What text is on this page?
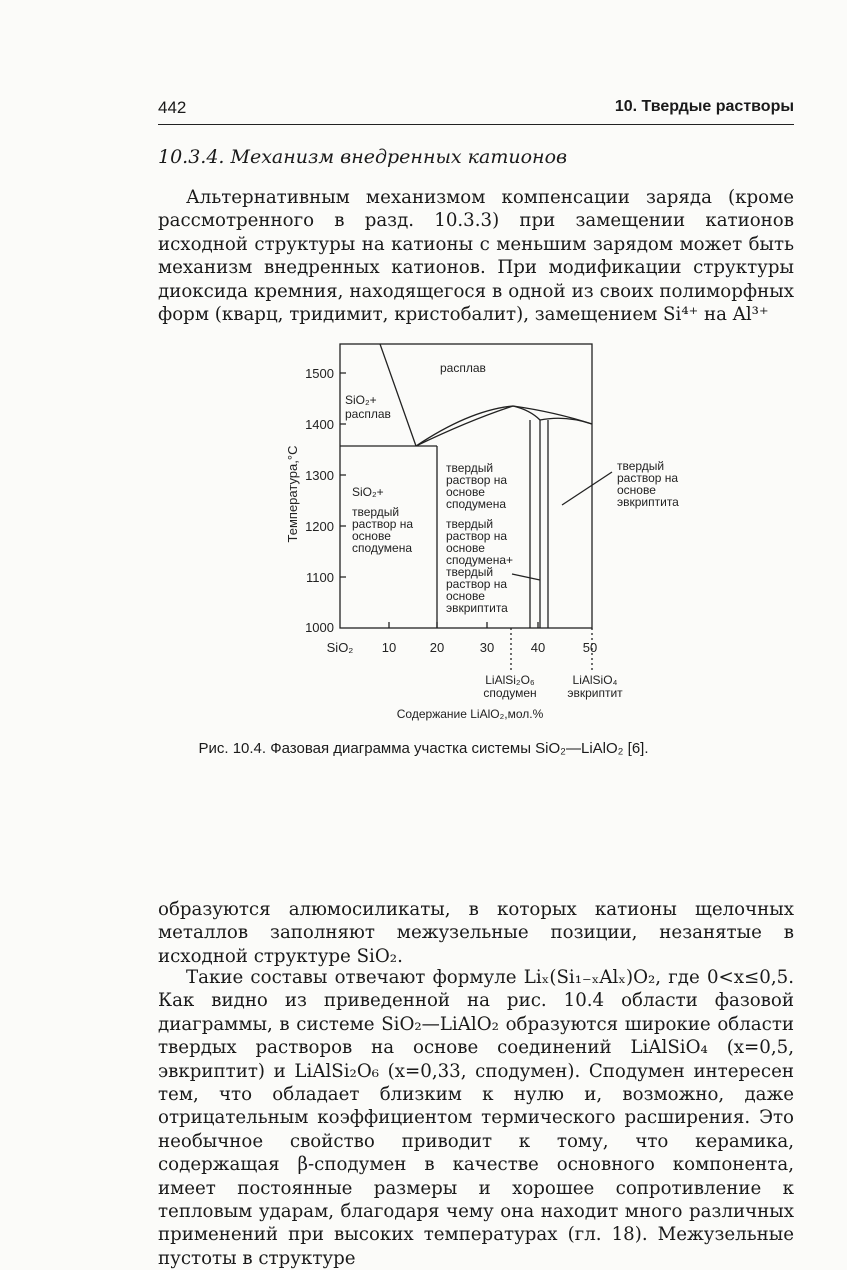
442	10. Твердые растворы
10.3.4. Механизм внедренных катионов

Альтернативным механизмом компенсации заряда (кроме рассмотренного в разд. 10.3.3) при замещении катионов исходной структуры на катионы с меньшим зарядом может быть механизм внедренных катионов. При модификации структуры диоксида кремния, находящегося в одной из своих полиморфных форм (кварц, тридимит, кристобалит), замещением Si⁴⁺ на Al³⁺

образуются алюмосиликаты, в которых катионы щелочных металлов заполняют межузельные позиции, незанятые в исходной структуре SiO₂.

Такие составы отвечают формуле Liₓ(Si₁₋ₓAlₓ)O₂, где 0<x≤0,5. Как видно из приведенной на рис. 10.4 области фазовой диаграммы, в системе SiO₂—LiAlO₂ образуются широкие области твердых растворов на основе соединений LiAlSiO₄ (x=0,5, эвкриптит) и LiAlSi₂O₆ (x=0,33, сподумен). Сподумен интересен тем, что обладает близким к нулю и, возможно, даже отрицательным коэффициентом термического расширения. Это необычное свойство приводит к тому, что керамика, содержащая β-сподумен в качестве основного компонента, имеет постоянные размеры и хорошее сопротивление к тепловым ударам, благодаря чему она находит много различных применений при высоких температурах (гл. 18). Межузельные пустоты в структуре

1500
1400
1300
1200
1100
1000
SiO₂ 10	20	30	40	50
Температура,°С
расплав
SiO₂+
расплав
SiO₂+
твердый
раствор на
основе
сподумена
твердый
раствор на
основе
сподумена
твердый
раствор на
основе
сподумена+
твердый
раствор на
основе
эвкриптита
твердый
раствор на
основе
эвкриптита
LiAlSi₂O₆
сподумен
LiAlSiO₄
эвкриптит
Содержание LiAlO₂,мол.%
Рис. 10.4. Фазовая диаграмма участка системы SiO₂—LiAlO₂ [6].
